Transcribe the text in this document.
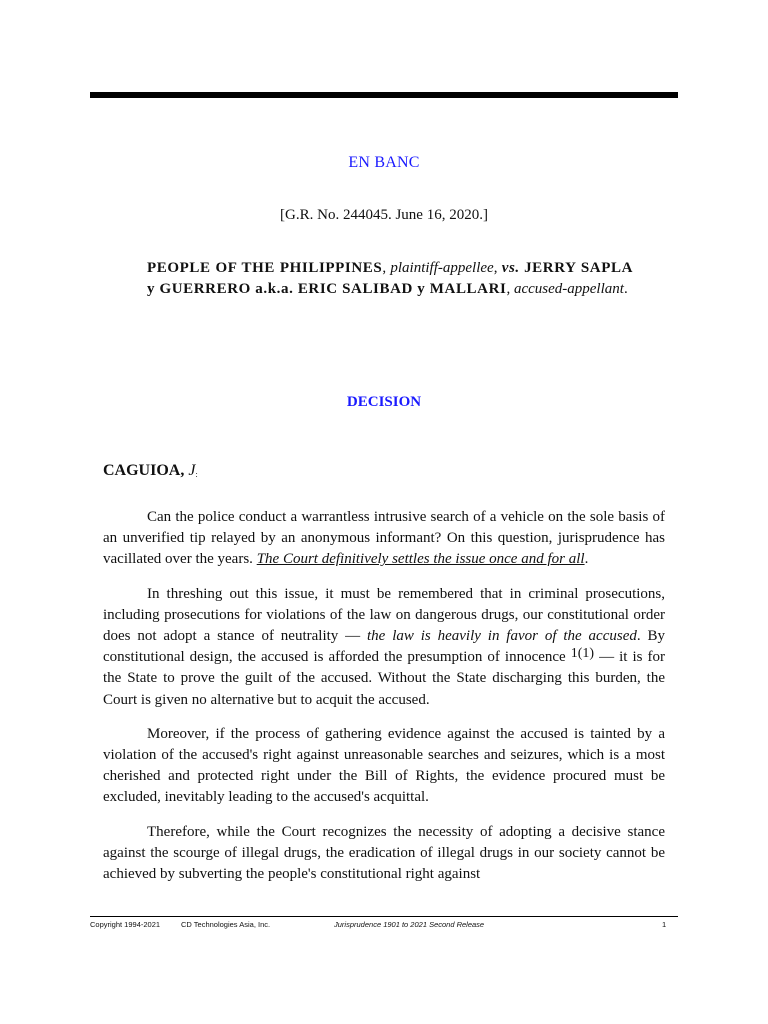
EN BANC
[G.R. No. 244045. June 16, 2020.]
PEOPLE OF THE PHILIPPINES, plaintiff-appellee, vs. JERRY SAPLA y GUERRERO a.k.a. ERIC SALIBAD y MALLARI, accused-appellant.
DECISION
CAGUIOA, $J_:$

Can the police conduct a warrantless intrusive search of a vehicle on the sole basis of an unverified tip relayed by an anonymous informant? On this question, jurisprudence has vacillated over the years. The Court definitively settles the issue once and for all.

In threshing out this issue, it must be remembered that in criminal prosecutions, including prosecutions for violations of the law on dangerous drugs, our constitutional order does not adopt a stance of neutrality — the law is heavily in favor of the accused. By constitutional design, the accused is afforded the presumption of innocence 1(1) — it is for the State to prove the guilt of the accused. Without the State discharging this burden, the Court is given no alternative but to acquit the accused.

Moreover, if the process of gathering evidence against the accused is tainted by a violation of the accused's right against unreasonable searches and seizures, which is a most cherished and protected right under the Bill of Rights, the evidence procured must be excluded, inevitably leading to the accused's acquittal.

Therefore, while the Court recognizes the necessity of adopting a decisive stance against the scourge of illegal drugs, the eradication of illegal drugs in our society cannot be achieved by subverting the people's constitutional right against

Copyright 1994-2021	CD Technologies Asia, Inc.	Jurisprudence 1901 to 2021 Second Release	1
